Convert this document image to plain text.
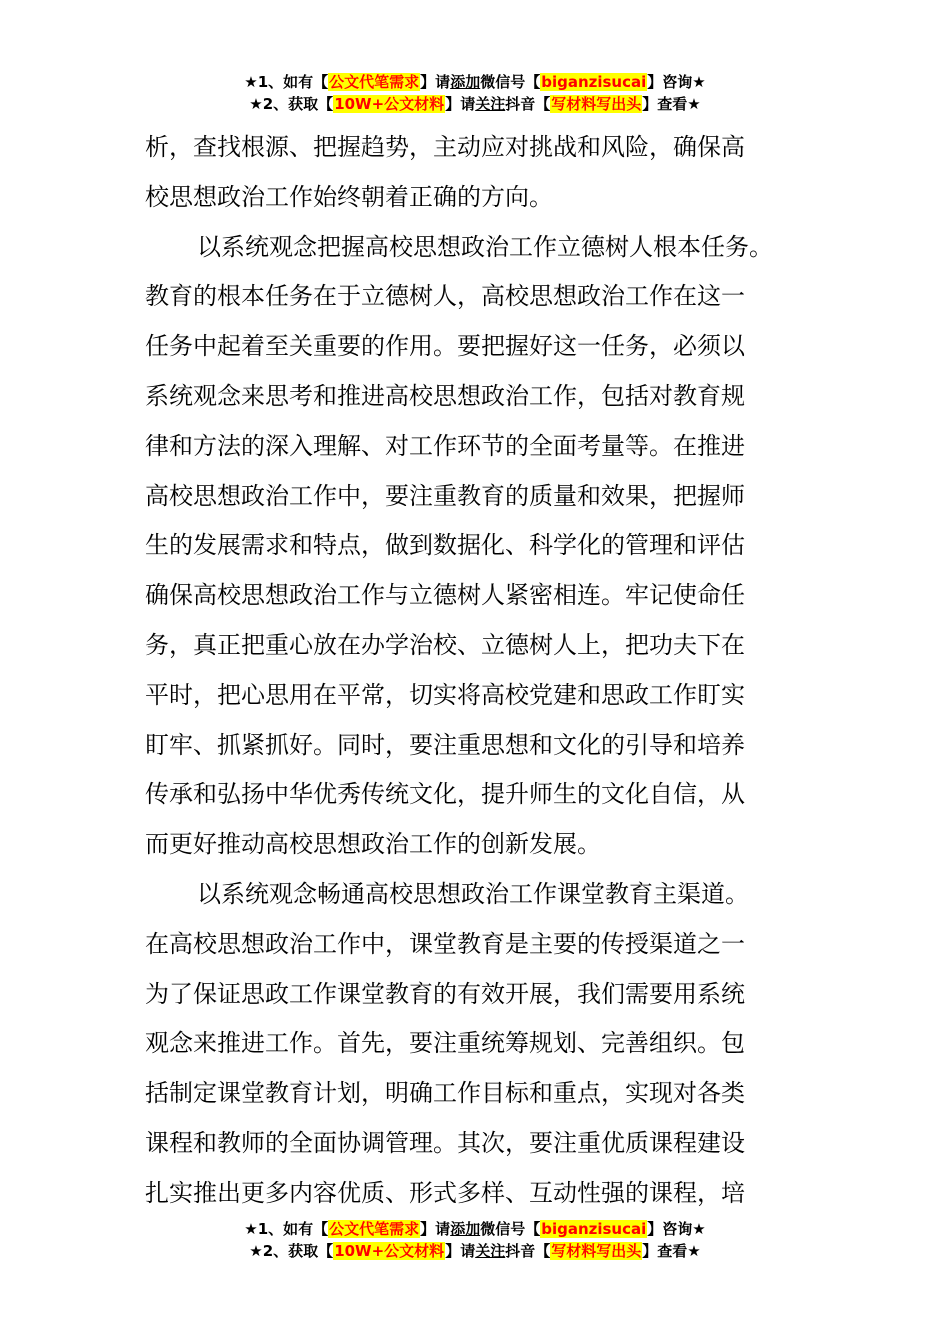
★1、如有【公文代笔需求】请添加微信号【biganzisucai】咨询★
★2、获取【10W+公文材料】请关注抖音【写材料写出头】查看★

析，查找根源、把握趋势，主动应对挑战和风险，确保高
校思想政治工作始终朝着正确的方向。

以系统观念把握高校思想政治工作立德树人根本任务。
教育的根本任务在于立德树人，高校思想政治工作在这一
任务中起着至关重要的作用。要把握好这一任务，必须以
系统观念来思考和推进高校思想政治工作，包括对教育规
律和方法的深入理解、对工作环节的全面考量等。在推进
高校思想政治工作中，要注重教育的质量和效果，把握师
生的发展需求和特点，做到数据化、科学化的管理和评估
确保高校思想政治工作与立德树人紧密相连。牢记使命任
务，真正把重心放在办学治校、立德树人上，把功夫下在
平时，把心思用在平常，切实将高校党建和思政工作盯实
盯牢、抓紧抓好。同时，要注重思想和文化的引导和培养
传承和弘扬中华优秀传统文化，提升师生的文化自信，从
而更好推动高校思想政治工作的创新发展。

以系统观念畅通高校思想政治工作课堂教育主渠道。
在高校思想政治工作中，课堂教育是主要的传授渠道之一
为了保证思政工作课堂教育的有效开展，我们需要用系统
观念来推进工作。首先，要注重统筹规划、完善组织。包
括制定课堂教育计划，明确工作目标和重点，实现对各类
课程和教师的全面协调管理。其次，要注重优质课程建设
扎实推出更多内容优质、形式多样、互动性强的课程，培

★1、如有【公文代笔需求】请添加微信号【biganzisucai】咨询★
★2、获取【10W+公文材料】请关注抖音【写材料写出头】查看★
